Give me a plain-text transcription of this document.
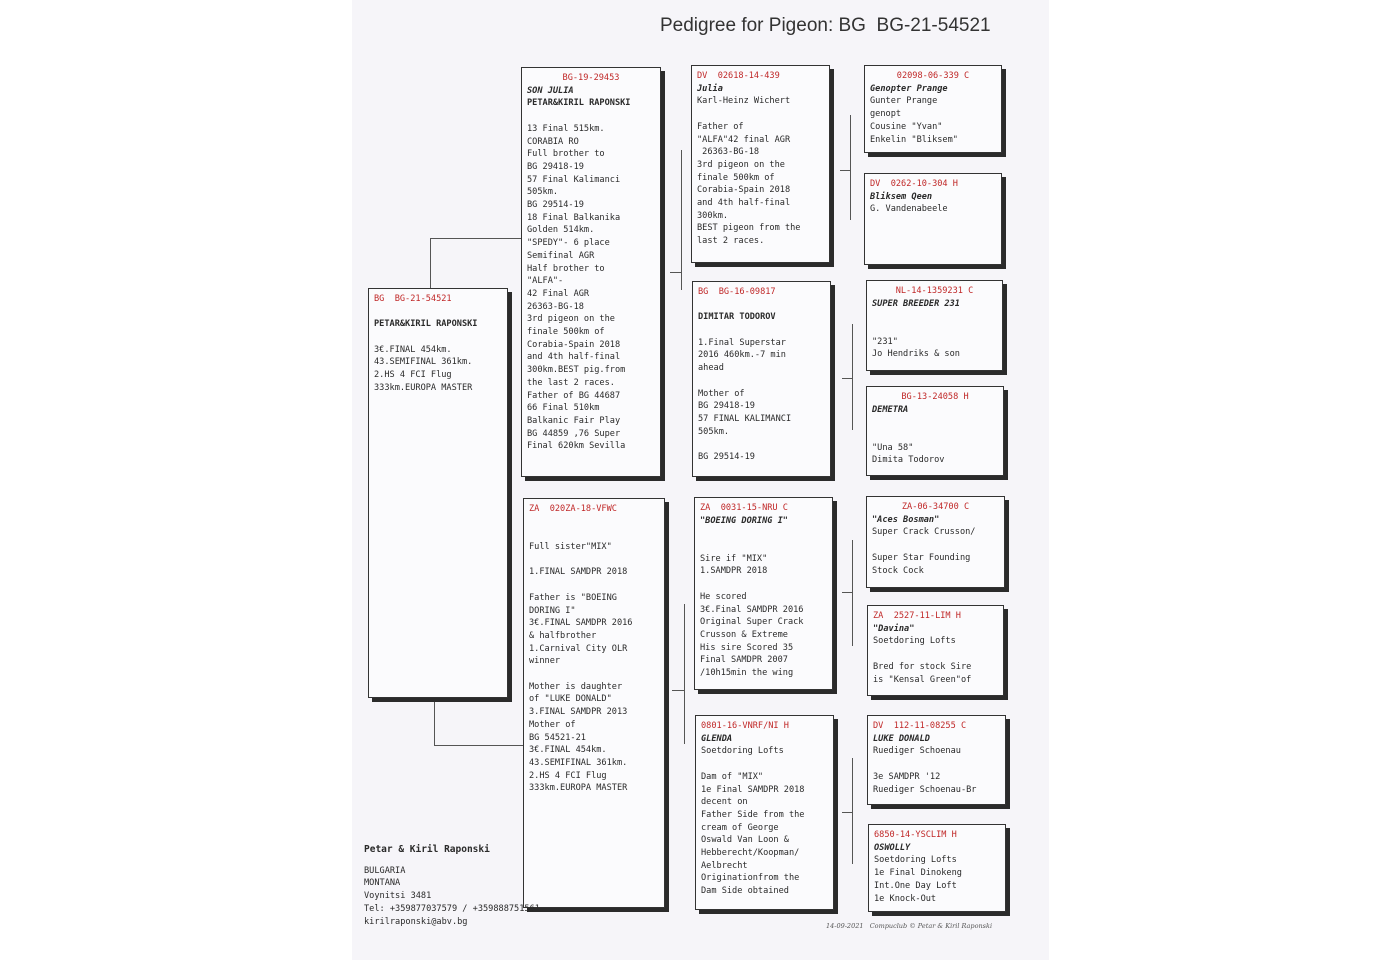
Pedigree for Pigeon: BG  BG-21-54521
BG  BG-21-54521
PETAR&KIRIL RAPONSKI
3€.FINAL 454km.
43.SEMIFINAL 361km.
2.HS 4 FCI Flug
333km.EUROPA MASTER
BG-19-29453
SON JULIA
PETAR&KIRIL RAPONSKI
13 Final 515km.
CORABIA RO
Full brother to
BG 29418-19
57 Final Kalimanci
505km.
BG 29514-19
18 Final Balkanika
Golden 514km.
"SPEDY"- 6 place
Semifinal AGR
Half brother to
"ALFA"-
42 Final AGR
26363-BG-18
3rd pigeon on the
finale 500km of
Corabia-Spain 2018
and 4th half-final
300km.BEST pig.from
the last 2 races.
Father of BG 44687
66 Final 510km
Balkanic Fair Play
BG 44859 ,76 Super
Final 620km Sevilla
ZA  020ZA-18-VFWC
Full sister"MIX"
1.FINAL SAMDPR 2018
Father is "BOEING
DORING I"
3€.FINAL SAMDPR 2016
& halfbrother
1.Carnival City OLR
winner
Mother is daughter
of "LUKE DONALD"
3.FINAL SAMDPR 2013
Mother of
BG 54521-21
3€.FINAL 454km.
43.SEMIFINAL 361km.
2.HS 4 FCI Flug
333km.EUROPA MASTER
DV  02618-14-439
Julia
Karl-Heinz Wichert
Father of
"ALFA"42 final AGR
26363-BG-18
3rd pigeon on the
finale 500km of
Corabia-Spain 2018
and 4th half-final
300km.
BEST pigeon from the
last 2 races.
BG  BG-16-09817
DIMITAR TODOROV
1.Final Superstar
2016 460km.-7 min
ahead
Mother of
BG 29418-19
57 FINAL KALIMANCI
505km.
BG 29514-19
ZA  0031-15-NRU C
"BOEING DORING I"
Sire if "MIX"
1.SAMDPR 2018
He scored
3€.Final SAMDPR 2016
Original Super Crack
Crusson & Extreme
His sire Scored 35
Final SAMDPR 2007
/10h15min the wing
0801-16-VNRF/NI H
GLENDA
Soetdoring Lofts
Dam of "MIX"
1e Final SAMDPR 2018
decent on
Father Side from the
cream of George
Oswald Van Loon &
Hebberecht/Koopman/
Aelbrecht
Originationfrom the
Dam Side obtained
02098-06-339 C
Genopter Prange
Gunter Prange
genopt
Cousine "Yvan"
Enkelin "Bliksem"
DV  0262-10-304 H
Bliksem Qeen
G. Vandenabeele
NL-14-1359231 C
SUPER BREEDER 231
"231"
Jo Hendriks & son
BG-13-24058 H
DEMETRA
"Una 58"
Dimita Todorov
ZA-06-34700 C
"Aces Bosman"
Super Crack Crusson/
Super Star Founding
Stock Cock
ZA  2527-11-LIM H
"Davina"
Soetdoring Lofts
Bred for stock Sire
is "Kensal Green"of
DV  112-11-08255 C
LUKE DONALD
Ruediger Schoenau
3e SAMDPR '12
Ruediger Schoenau-Br
6850-14-YSCLIM H
OSWOLLY
Soetdoring Lofts
1e Final Dinokeng
Int.One Day Loft
1e Knock-Out
Petar & Kiril Raponski
BULGARIA
MONTANA
Voynitsi 3481
Tel: +359877037579 / +359888751561
kirilraponski@abv.bg	14-09-2021 Compuclub © Petar & Kiril Raponski
